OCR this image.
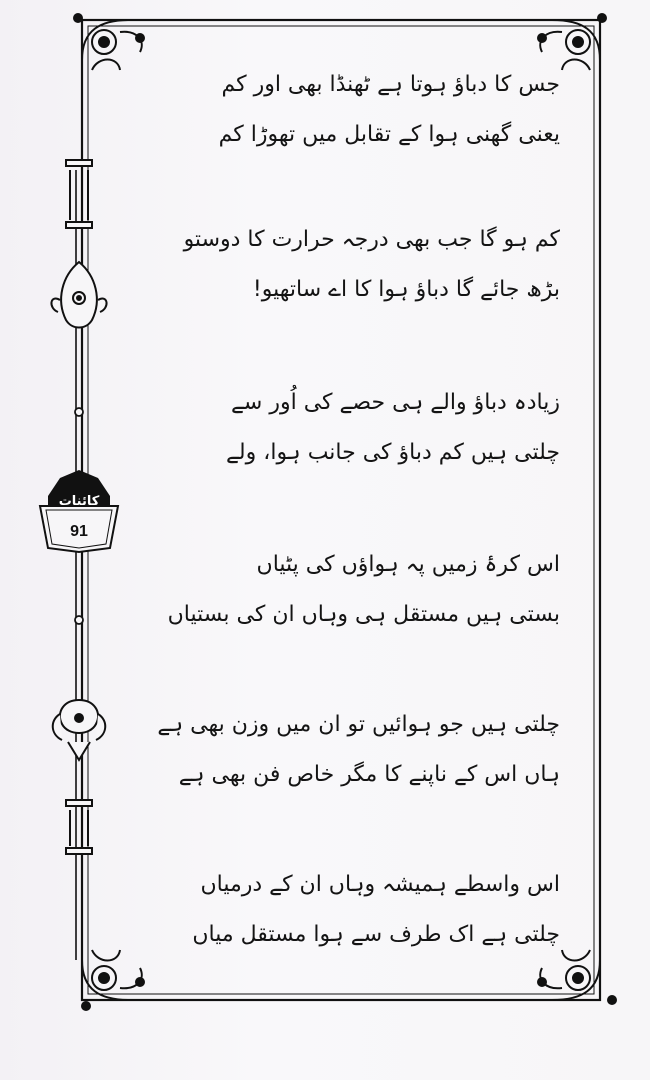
کائنات
91
جس کا دباؤ ہوتا ہے ٹھنڈا بھی اور کم
یعنی گھنی ہوا کے تقابل میں تھوڑا کم
کم ہو گا جب بھی درجہ حرارت کا دوستو
بڑھ جائے گا دباؤ ہوا کا اے ساتھیو!
زیادہ دباؤ والے ہی حصے کی اُور سے
چلتی ہیں کم دباؤ کی جانب ہوا، ولے
اس کرۂ زمیں پہ ہواؤں کی پٹیاں
بستی ہیں مستقل ہی وہاں ان کی بستیاں
چلتی ہیں جو ہوائیں تو ان میں وزن بھی ہے
ہاں اس کے ناپنے کا مگر خاص فن بھی ہے
اس واسطے ہمیشہ وہاں ان کے درمیاں
چلتی ہے اک طرف سے ہوا مستقل میاں
